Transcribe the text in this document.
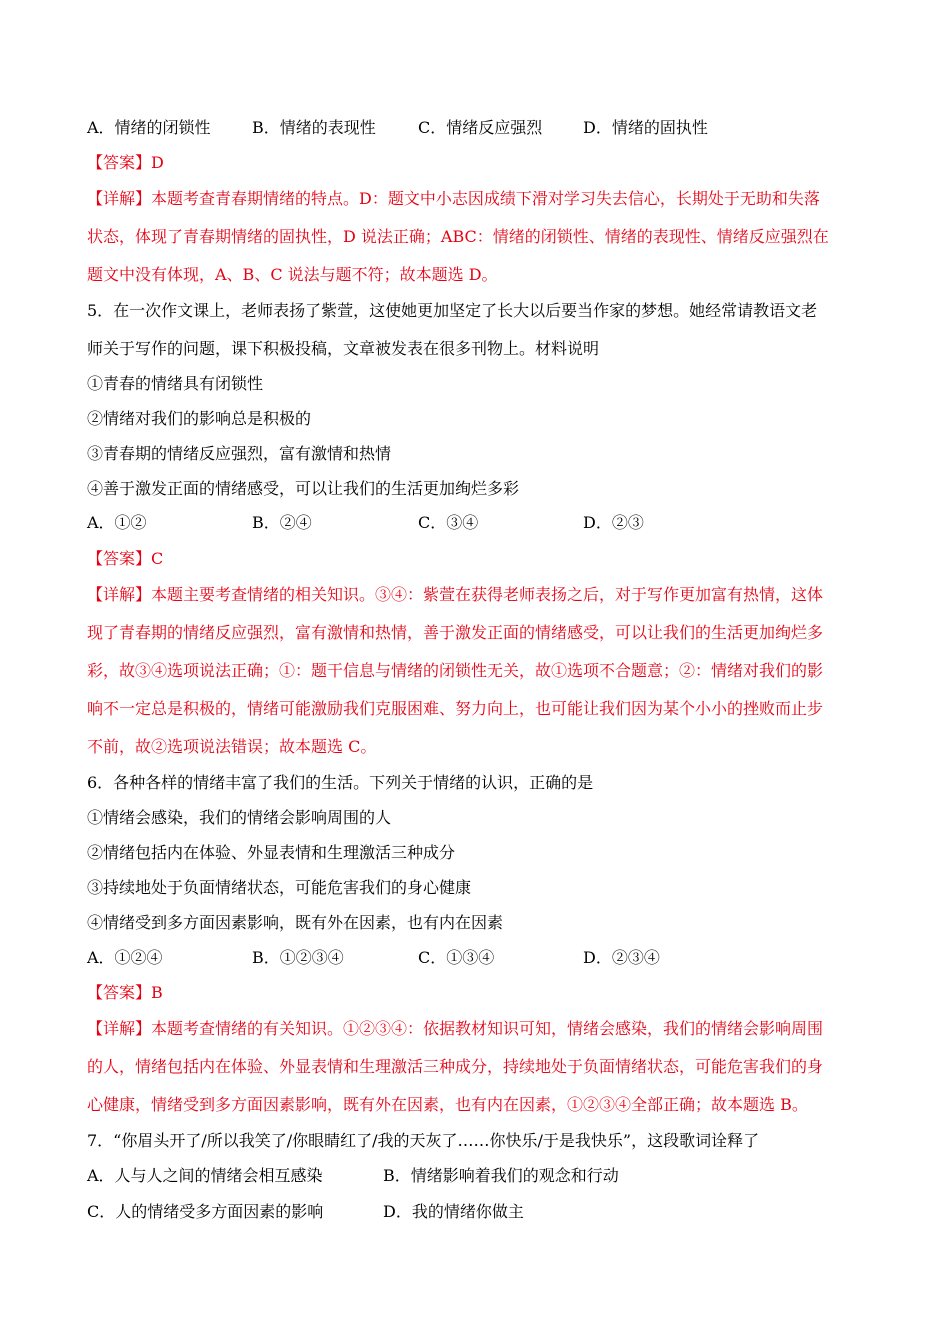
A．情绪的闭锁性	B．情绪的表现性	C．情绪反应强烈	D．情绪的固执性
【答案】D
【详解】本题考查青春期情绪的特点。D：题文中小志因成绩下滑对学习失去信心，长期处于无助和失落
状态，体现了青春期情绪的固执性，D 说法正确；ABC：情绪的闭锁性、情绪的表现性、情绪反应强烈在
题文中没有体现，A、B、C 说法与题不符；故本题选 D。
5．在一次作文课上，老师表扬了紫萱，这使她更加坚定了长大以后要当作家的梦想。她经常请教语文老
师关于写作的问题，课下积极投稿，文章被发表在很多刊物上。材料说明
①青春的情绪具有闭锁性
②情绪对我们的影响总是积极的
③青春期的情绪反应强烈，富有激情和热情
④善于激发正面的情绪感受，可以让我们的生活更加绚烂多彩
A．①②	B．②④	C．③④	D．②③
【答案】C
【详解】本题主要考查情绪的相关知识。③④：紫萱在获得老师表扬之后，对于写作更加富有热情，这体
现了青春期的情绪反应强烈，富有激情和热情，善于激发正面的情绪感受，可以让我们的生活更加绚烂多
彩，故③④选项说法正确；①：题干信息与情绪的闭锁性无关，故①选项不合题意；②：情绪对我们的影
响不一定总是积极的，情绪可能激励我们克服困难、努力向上，也可能让我们因为某个小小的挫败而止步
不前，故②选项说法错误；故本题选 C。
6．各种各样的情绪丰富了我们的生活。下列关于情绪的认识，正确的是
①情绪会感染，我们的情绪会影响周围的人
②情绪包括内在体验、外显表情和生理激活三种成分
③持续地处于负面情绪状态，可能危害我们的身心健康
④情绪受到多方面因素影响，既有外在因素，也有内在因素
A．①②④	B．①②③④	C．①③④	D．②③④
【答案】B
【详解】本题考查情绪的有关知识。①②③④：依据教材知识可知，情绪会感染，我们的情绪会影响周围
的人，情绪包括内在体验、外显表情和生理激活三种成分，持续地处于负面情绪状态，可能危害我们的身
心健康，情绪受到多方面因素影响，既有外在因素，也有内在因素，①②③④全部正确；故本题选 B。
7．“你眉头开了/所以我笑了/你眼睛红了/我的天灰了……你快乐/于是我快乐”，这段歌词诠释了
A．人与人之间的情绪会相互感染	B．情绪影响着我们的观念和行动
C．人的情绪受多方面因素的影响	D．我的情绪你做主
